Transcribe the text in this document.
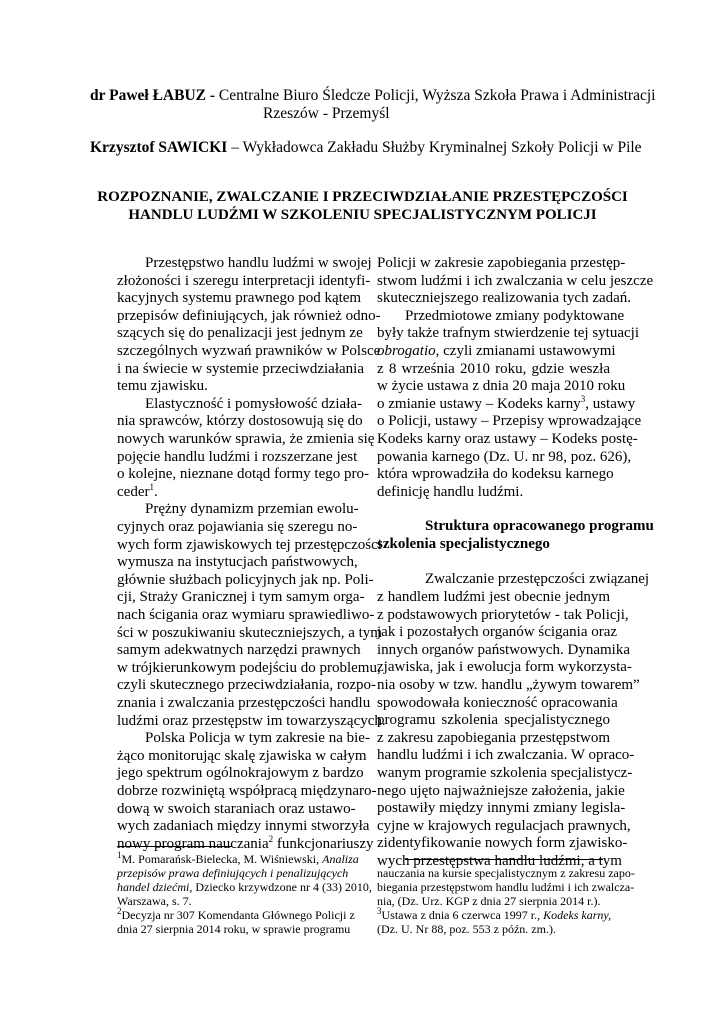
dr Paweł ŁABUZ - Centralne Biuro Śledcze Policji, Wyższa Szkoła Prawa i Administracji
Rzeszów - Przemyśl
Krzysztof SAWICKI – Wykładowca Zakładu Służby Kryminalnej Szkoły Policji w Pile
ROZPOZNANIE, ZWALCZANIE I PRZECIWDZIAŁANIE PRZESTĘPCZOŚCI
HANDLU LUDŹMI W SZKOLENIU SPECJALISTYCZNYM POLICJI
Przestępstwo handlu ludźmi w swojej
złożoności i szeregu interpretacji identyfi-
kacyjnych systemu prawnego pod kątem
przepisów definiujących, jak również odno-
szących się do penalizacji jest jednym ze
szczególnych wyzwań prawników w Polsce
i na świecie w systemie przeciwdziałania
temu zjawisku.
Elastyczność i pomysłowość działa-
nia sprawców, którzy dostosowują się do
nowych warunków sprawia, że zmienia się
pojęcie handlu ludźmi i rozszerzane jest
o kolejne, nieznane dotąd formy tego pro-
ceder$^1$.
Prężny dynamizm przemian ewolu-
cyjnych oraz pojawiania się szeregu no-
wych form zjawiskowych tej przestępczości
wymusza na instytucjach państwowych,
głównie służbach policyjnych jak np. Poli-
cji, Straży Granicznej i tym samym orga-
nach ścigania oraz wymiaru sprawiedliwo-
ści w poszukiwaniu skuteczniejszych, a tym
samym adekwatnych narzędzi prawnych
w trójkierunkowym podejściu do problemu,
czyli skutecznego przeciwdziałania, rozpo-
znania i zwalczania przestępczości handlu
ludźmi oraz przestępstw im towarzyszących.
Polska Policja w tym zakresie na bie-
żąco monitorując skalę zjawiska w całym
jego spektrum ogólnokrajowym z bardzo
dobrze rozwiniętą współpracą międzynaro-
dową w swoich staraniach oraz ustawo-
wych zadaniach między innymi stworzyła
nowy program nauczania$^2$ funkcjonariuszy
Policji w zakresie zapobiegania przestęp-
stwom ludźmi i ich zwalczania w celu jeszcze
skuteczniejszego realizowania tych zadań.
Przedmiotowe zmiany podyktowane
były także trafnym stwierdzenie tej sytuacji
obrogatio, czyli zmianami ustawowymi
z 8 września 2010 roku, gdzie weszła
w życie ustawa z dnia 20 maja 2010 roku
o zmianie ustawy – Kodeks karny$^3$, ustawy
o Policji, ustawy – Przepisy wprowadzające
Kodeks karny oraz ustawy – Kodeks postę-
powania karnego (Dz. U. nr 98, poz. 626),
która wprowadziła do kodeksu karnego
definicję handlu ludźmi.
Struktura opracowanego programu
szkolenia specjalistycznego
Zwalczanie przestępczości związanej
z handlem ludźmi jest obecnie jednym
z podstawowych priorytetów - tak Policji,
jak i pozostałych organów ścigania oraz
innych organów państwowych. Dynamika
zjawiska, jak i ewolucja form wykorzysta-
nia osoby w tzw. handlu „żywym towarem”
spowodowała konieczność opracowania
programu szkolenia specjalistycznego
z zakresu zapobiegania przestępstwom
handlu ludźmi i ich zwalczania. W opraco-
wanym programie szkolenia specjalistycz-
nego ujęto najważniejsze założenia, jakie
postawiły między innymi zmiany legisla-
cyjne w krajowych regulacjach prawnych,
zidentyfikowanie nowych form zjawisko-
wych przestępstwa handlu ludźmi, a tym
$^1$M. Pomarańsk-Bielecka, M. Wiśniewski, Analiza
przepisów prawa definiujących i penalizujących
handel dziećmi, Dziecko krzywdzone nr 4 (33) 2010,
Warszawa, s. 7.
$^2$Decyzja nr 307 Komendanta Głównego Policji z
dnia 27 sierpnia 2014 roku, w sprawie programu
nauczania na kursie specjalistycznym z zakresu zapo-
biegania przestępstwom handlu ludźmi i ich zwalcza-
nia, (Dz. Urz. KGP z dnia 27 sierpnia 2014 r.).
$^3$Ustawa z dnia 6 czerwca 1997 r., Kodeks karny,
(Dz. U. Nr 88, poz. 553 z późn. zm.).
